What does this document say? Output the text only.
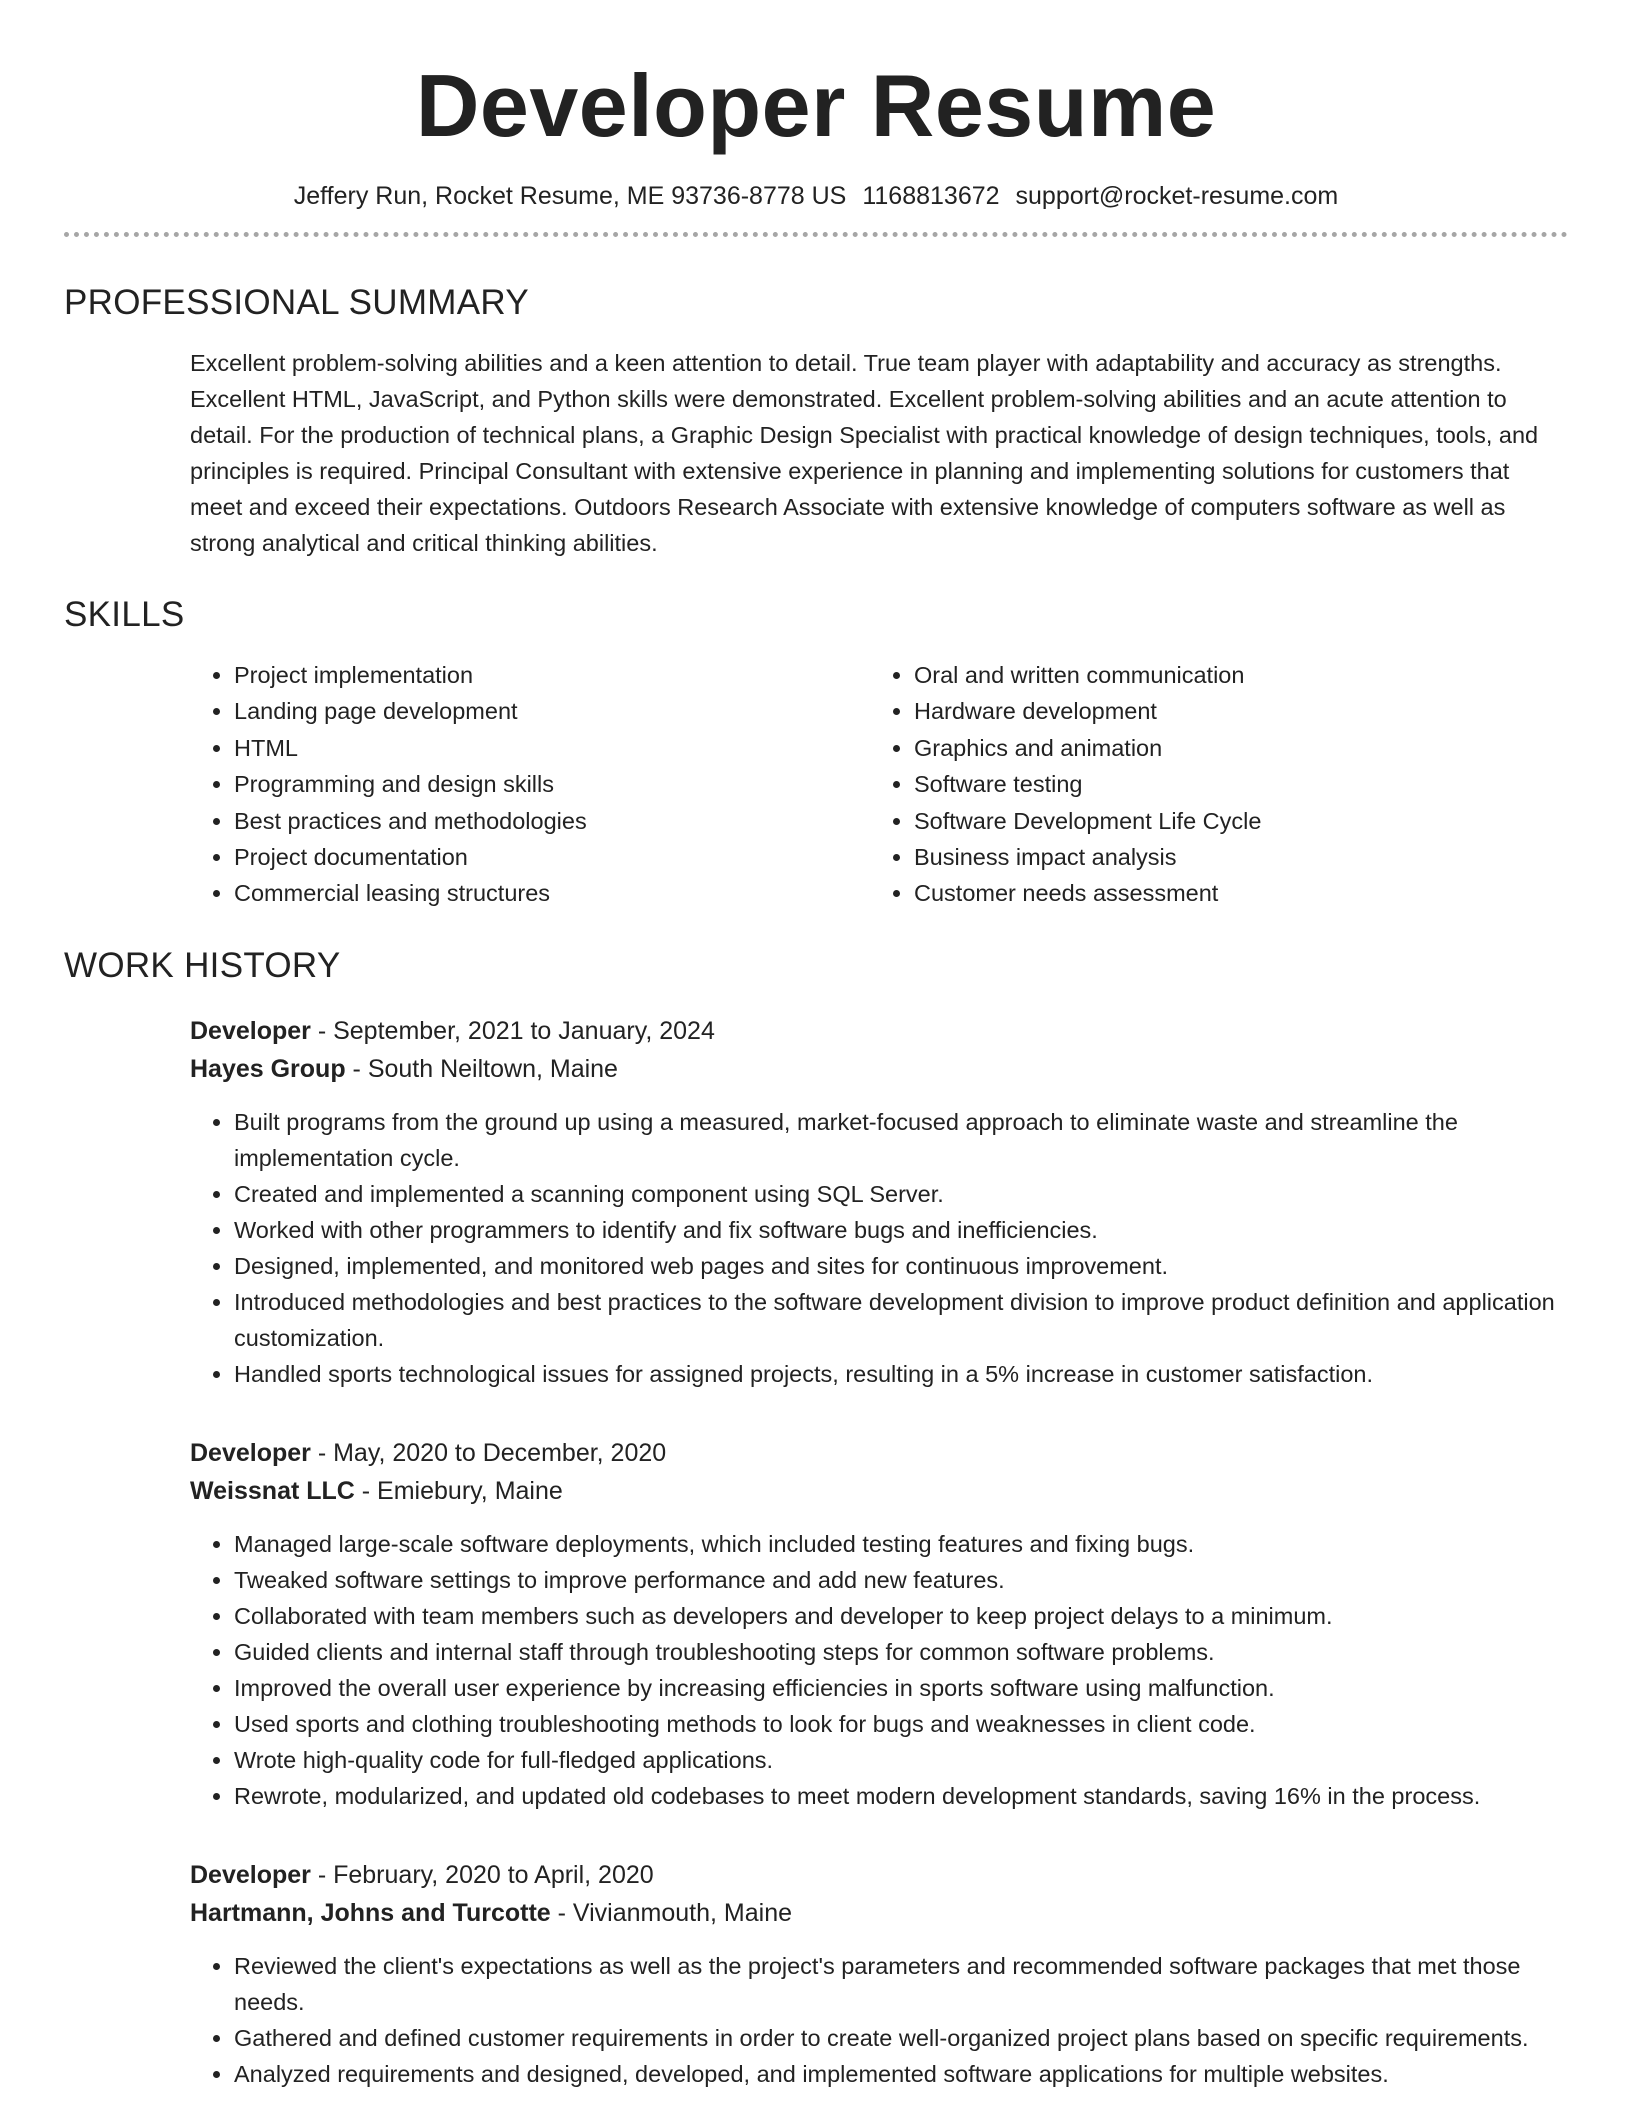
Developer Resume
Jeffery Run, Rocket Resume, ME 93736-8778 US 1168813672 support@rocket-resume.com
PROFESSIONAL SUMMARY
Excellent problem-solving abilities and a keen attention to detail. True team player with adaptability and accuracy as strengths. Excellent HTML, JavaScript, and Python skills were demonstrated. Excellent problem-solving abilities and an acute attention to detail. For the production of technical plans, a Graphic Design Specialist with practical knowledge of design techniques, tools, and principles is required. Principal Consultant with extensive experience in planning and implementing solutions for customers that meet and exceed their expectations. Outdoors Research Associate with extensive knowledge of computers software as well as strong analytical and critical thinking abilities.
SKILLS
• Project implementation
• Landing page development
• HTML
• Programming and design skills
• Best practices and methodologies
• Project documentation
• Commercial leasing structures
• Oral and written communication
• Hardware development
• Graphics and animation
• Software testing
• Software Development Life Cycle
• Business impact analysis
• Customer needs assessment
WORK HISTORY
Developer - September, 2021 to January, 2024
Hayes Group - South Neiltown, Maine
• Built programs from the ground up using a measured, market-focused approach to eliminate waste and streamline the implementation cycle.
• Created and implemented a scanning component using SQL Server.
• Worked with other programmers to identify and fix software bugs and inefficiencies.
• Designed, implemented, and monitored web pages and sites for continuous improvement.
• Introduced methodologies and best practices to the software development division to improve product definition and application customization.
• Handled sports technological issues for assigned projects, resulting in a 5% increase in customer satisfaction.
Developer - May, 2020 to December, 2020
Weissnat LLC - Emiebury, Maine
• Managed large-scale software deployments, which included testing features and fixing bugs.
• Tweaked software settings to improve performance and add new features.
• Collaborated with team members such as developers and developer to keep project delays to a minimum.
• Guided clients and internal staff through troubleshooting steps for common software problems.
• Improved the overall user experience by increasing efficiencies in sports software using malfunction.
• Used sports and clothing troubleshooting methods to look for bugs and weaknesses in client code.
• Wrote high-quality code for full-fledged applications.
• Rewrote, modularized, and updated old codebases to meet modern development standards, saving 16% in the process.
Developer - February, 2020 to April, 2020
Hartmann, Johns and Turcotte - Vivianmouth, Maine
• Reviewed the client's expectations as well as the project's parameters and recommended software packages that met those needs.
• Gathered and defined customer requirements in order to create well-organized project plans based on specific requirements.
• Analyzed requirements and designed, developed, and implemented software applications for multiple websites.
